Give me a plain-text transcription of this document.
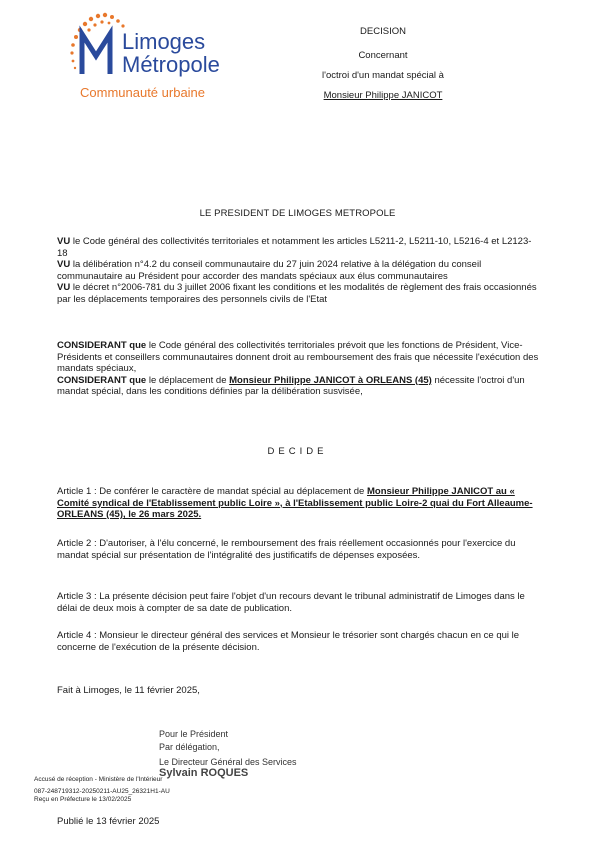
Limoges
Métropole
Communauté urbaine
DECISION
Concernant
l'octroi d'un mandat spécial à
Monsieur Philippe JANICOT
LE PRESIDENT DE LIMOGES METROPOLE
VU le Code général des collectivités territoriales et notamment les articles L5211-2, L5211-10, L5216-4 et L2123-18
VU la délibération n°4.2 du conseil communautaire du 27 juin 2024 relative à la délégation du conseil communautaire au Président pour accorder des mandats spéciaux aux élus communautaires
VU le décret n°2006-781 du 3 juillet 2006 fixant les conditions et les modalités de règlement des frais occasionnés par les déplacements temporaires des personnels civils de l'Etat
CONSIDERANT que le Code général des collectivités territoriales prévoit que les fonctions de Président, Vice-Présidents et conseillers communautaires donnent droit au remboursement des frais que nécessite l'exécution des mandats spéciaux,
CONSIDERANT que le déplacement de Monsieur Philippe JANICOT à ORLEANS (45) nécessite l'octroi d'un mandat spécial, dans les conditions définies par la délibération susvisée,
DECIDE
Article 1 : De conférer le caractère de mandat spécial au déplacement de Monsieur Philippe JANICOT au « Comité syndical de l'Etablissement public Loire », à l'Etablissement public Loire-2 quai du Fort Alleaume-ORLEANS (45), le 26 mars 2025.
Article 2 : D'autoriser, à l'élu concerné, le remboursement des frais réellement occasionnés pour l'exercice du mandat spécial sur présentation de l'intégralité des justificatifs de dépenses exposées.
Article 3 : La présente décision peut faire l'objet d'un recours devant le tribunal administratif de Limoges dans le délai de deux mois à compter de sa date de publication.
Article 4 : Monsieur le directeur général des services et Monsieur le trésorier sont chargés chacun en ce qui le concerne de l'exécution de la présente décision.
Fait à Limoges, le 11 février 2025,
Pour le Président
Par délégation,
Le Directeur Général des Services
Sylvain ROQUES
Accusé de réception - Ministère de l'Intérieur
087-248719312-20250211-AU25_26321H1-AU
Reçu en Préfecture le 13/02/2025
Publié le 13 février 2025
